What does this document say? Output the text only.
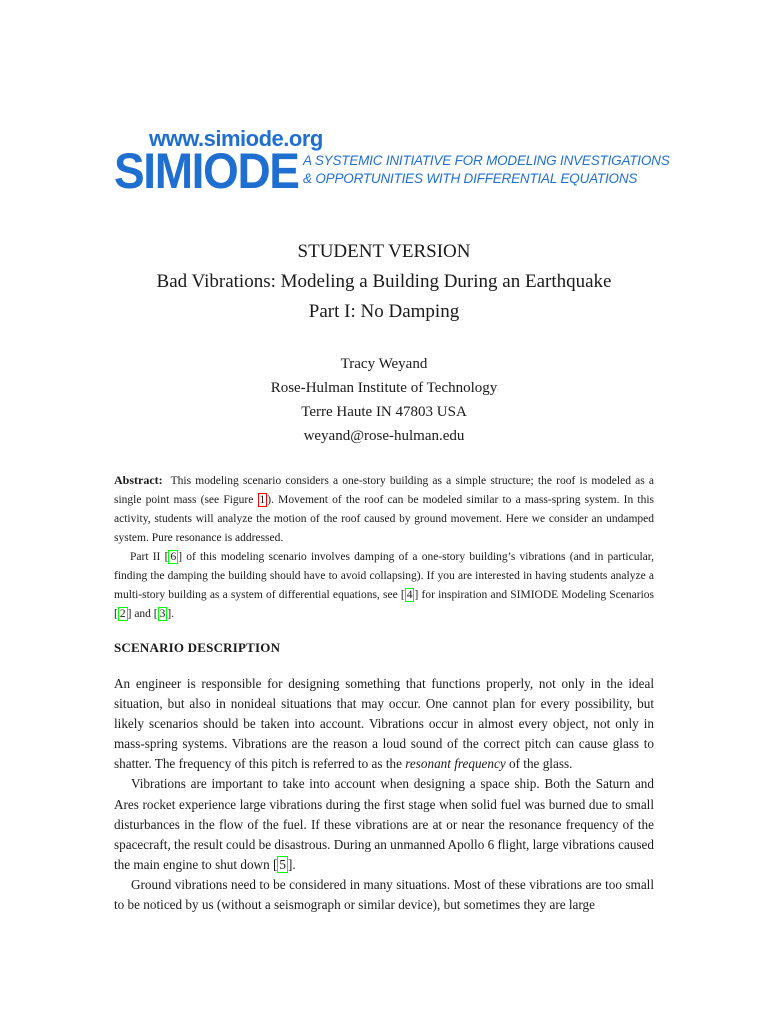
www.simiode.org
SIMIODE A SYSTEMIC INITIATIVE FOR MODELING INVESTIGATIONS
& OPPORTUNITIES WITH DIFFERENTIAL EQUATIONS
STUDENT VERSION
Bad Vibrations: Modeling a Building During an Earthquake
Part I: No Damping
Tracy Weyand
Rose-Hulman Institute of Technology
Terre Haute IN 47803 USA
weyand@rose-hulman.edu

Abstract: This modeling scenario considers a one-story building as a simple structure; the roof is modeled as a single point mass (see Figure 1 ). Movement of the roof can be modeled similar to a mass-spring system. In this activity, students will analyze the motion of the roof caused by ground movement. Here we consider an undamped system. Pure resonance is addressed.

Part II [ 6 ] of this modeling scenario involves damping of a one-story building’s vibrations (and in particular, finding the damping the building should have to avoid collapsing). If you are interested in having students analyze a multi-story building as a system of differential equations, see [ 4 ] for inspiration and SIMIODE Modeling Scenarios [ 2 ] and [ 3 ].

SCENARIO DESCRIPTION

An engineer is responsible for designing something that functions properly, not only in the ideal situation, but also in nonideal situations that may occur. One cannot plan for every possibility, but likely scenarios should be taken into account. Vibrations occur in almost every object, not only in mass-spring systems. Vibrations are the reason a loud sound of the correct pitch can cause glass to shatter. The frequency of this pitch is referred to as the resonant frequency of the glass.

Vibrations are important to take into account when designing a space ship. Both the Saturn and Ares rocket experience large vibrations during the first stage when solid fuel was burned due to small disturbances in the flow of the fuel. If these vibrations are at or near the resonance frequency of the spacecraft, the result could be disastrous. During an unmanned Apollo 6 flight, large vibrations caused the main engine to shut down [ 5 ].

Ground vibrations need to be considered in many situations. Most of these vibrations are too small to be noticed by us (without a seismograph or similar device), but sometimes they are large
